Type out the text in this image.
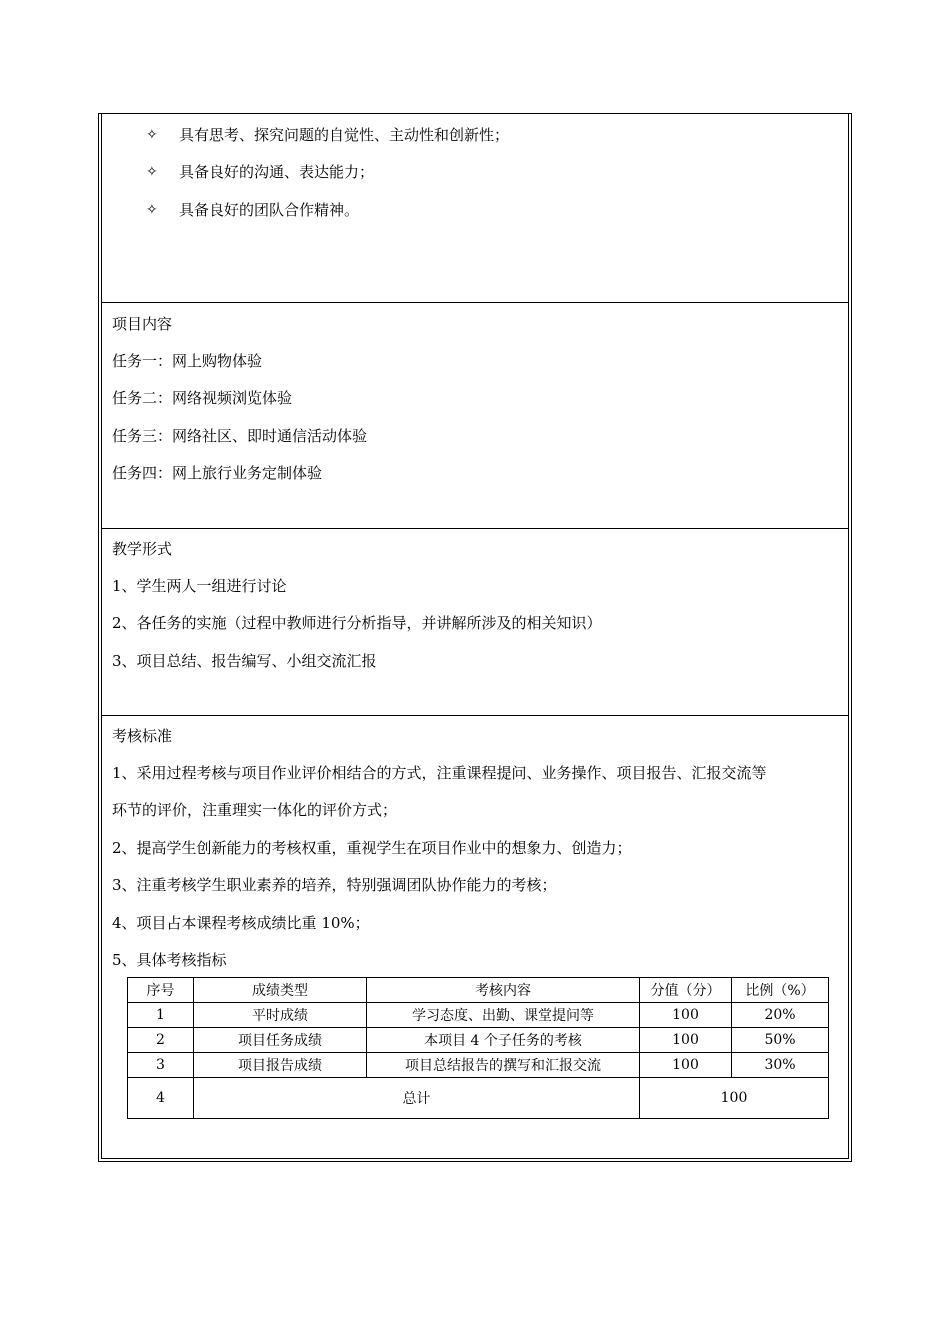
✧ 具有思考、探究问题的自觉性、主动性和创新性；
✧ 具备良好的沟通、表达能力；
✧ 具备良好的团队合作精神。
项目内容
任务一：网上购物体验
任务二：网络视频浏览体验
任务三：网络社区、即时通信活动体验
任务四：网上旅行业务定制体验
教学形式
1、学生两人一组进行讨论
2、各任务的实施（过程中教师进行分析指导，并讲解所涉及的相关知识）
3、项目总结、报告编写、小组交流汇报
考核标准
1、采用过程考核与项目作业评价相结合的方式，注重课程提问、业务操作、项目报告、汇报交流等
环节的评价，注重理实一体化的评价方式；
2、提高学生创新能力的考核权重，重视学生在项目作业中的想象力、创造力；
3、注重考核学生职业素养的培养，特别强调团队协作能力的考核；
4、项目占本课程考核成绩比重 10%；
5、具体考核指标
序号	成绩类型	考核内容	分值（分）	比例（%）
1	平时成绩	学习态度、出勤、课堂提问等	100	20%
2	项目任务成绩	本项目 4 个子任务的考核	100	50%
3	项目报告成绩	项目总结报告的撰写和汇报交流	100	30%
4	总计		100	
